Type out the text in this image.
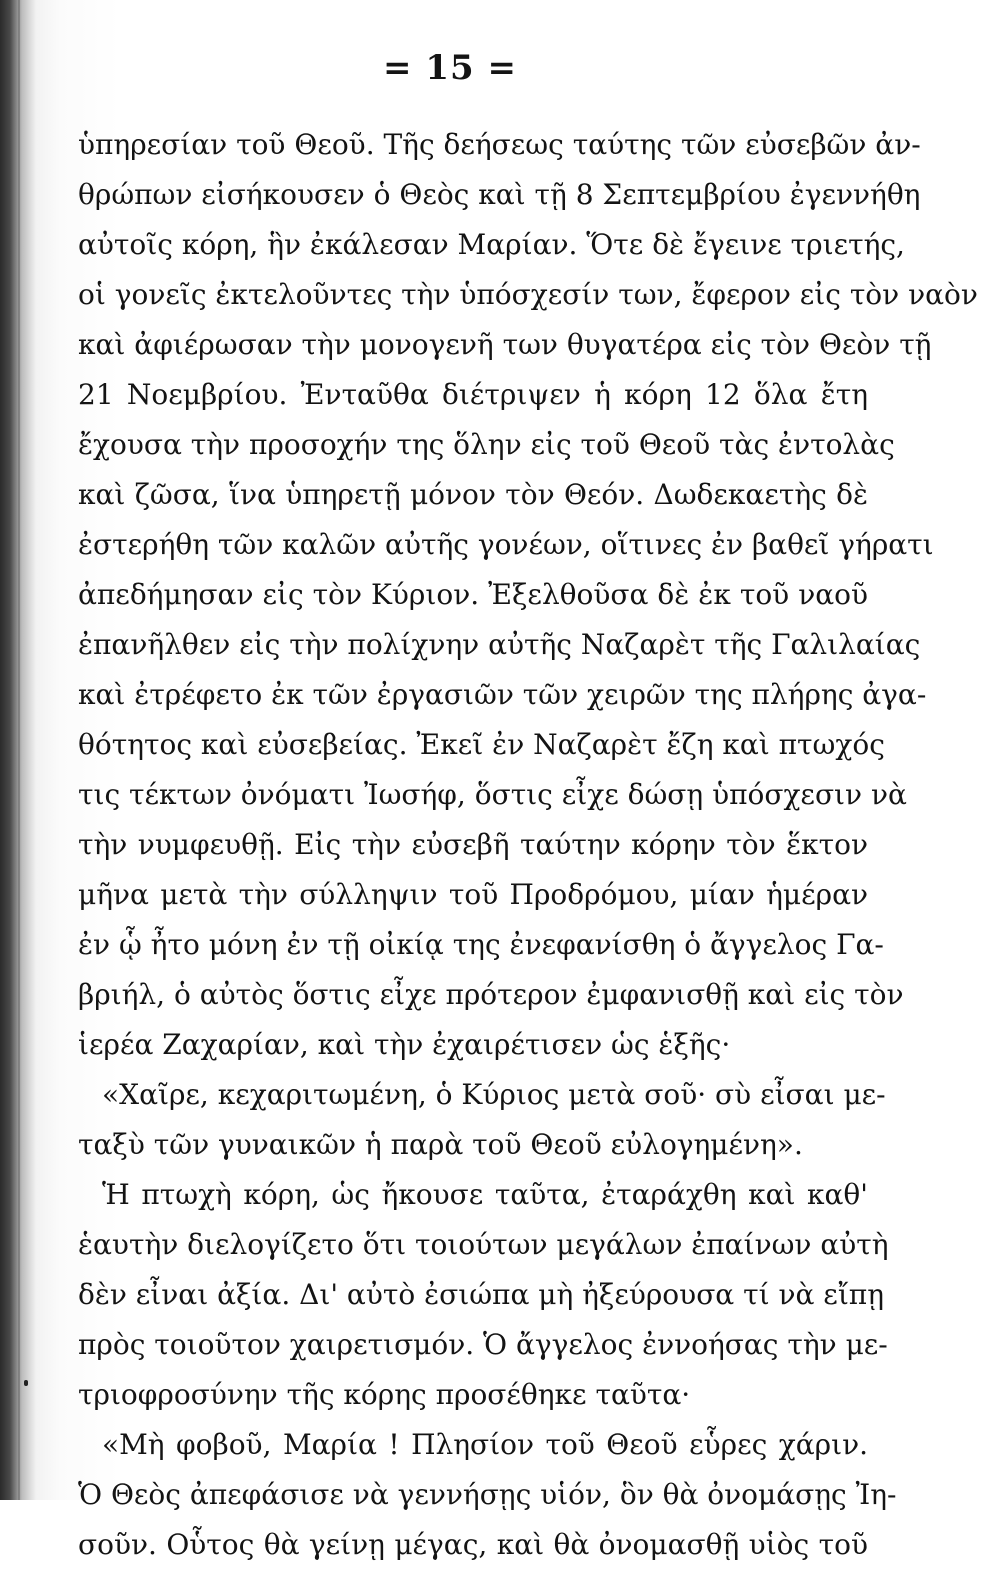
= 15 =
ὑπηρεσίαν τοῦ Θεοῦ. Τῆς δεήσεως ταύτης τῶν εὐσεβῶν ἀν-
θρώπων εἰσήκουσεν ὁ Θεὸς καὶ τῇ 8 Σεπτεμβρίου ἐγεννήθη
αὐτοῖς κόρη, ἣν ἐκάλεσαν Μαρίαν. Ὅτε δὲ ἔγεινε τριετής,
οἱ γονεῖς ἐκτελοῦντες τὴν ὑπόσχεσίν των, ἔφερον εἰς τὸν ναὸν
καὶ ἀφιέρωσαν τὴν μονογενῆ των θυγατέρα εἰς τὸν Θεὸν τῇ
21 Νοεμβρίου. Ἐνταῦθα διέτριψεν ἡ κόρη 12 ὅλα ἔτη
ἔχουσα τὴν προσοχήν της ὅλην εἰς τοῦ Θεοῦ τὰς ἐντολὰς
καὶ ζῶσα, ἵνα ὑπηρετῇ μόνον τὸν Θεόν. Δωδεκαετὴς δὲ
ἐστερήθη τῶν καλῶν αὐτῆς γονέων, οἵτινες ἐν βαθεῖ γήρατι
ἀπεδήμησαν εἰς τὸν Κύριον. Ἐξελθοῦσα δὲ ἐκ τοῦ ναοῦ
ἐπανῆλθεν εἰς τὴν πολίχνην αὐτῆς Ναζαρὲτ τῆς Γαλιλαίας
καὶ ἐτρέφετο ἐκ τῶν ἐργασιῶν τῶν χειρῶν της πλήρης ἀγα-
θότητος καὶ εὐσεβείας. Ἐκεῖ ἐν Ναζαρὲτ ἔζη καὶ πτωχός
τις τέκτων ὀνόματι Ἰωσήφ, ὅστις εἶχε δώσῃ ὑπόσχεσιν νὰ
τὴν νυμφευθῇ. Εἰς τὴν εὐσεβῆ ταύτην κόρην τὸν ἕκτον
μῆνα μετὰ τὴν σύλληψιν τοῦ Προδρόμου, μίαν ἡμέραν
ἐν ᾧ ἦτο μόνη ἐν τῇ οἰκίᾳ της ἐνεφανίσθη ὁ ἄγγελος Γα-
βριήλ, ὁ αὐτὸς ὅστις εἶχε πρότερον ἐμφανισθῇ καὶ εἰς τὸν
ἱερέα Ζαχαρίαν, καὶ τὴν ἐχαιρέτισεν ὡς ἑξῆς·
«Χαῖρε, κεχαριτωμένη, ὁ Κύριος μετὰ σοῦ· σὺ εἶσαι με-
ταξὺ τῶν γυναικῶν ἡ παρὰ τοῦ Θεοῦ εὐλογημένη».
Ἡ πτωχὴ κόρη, ὡς ἤκουσε ταῦτα, ἐταράχθη καὶ καθ'
ἑαυτὴν διελογίζετο ὅτι τοιούτων μεγάλων ἐπαίνων αὐτὴ
δὲν εἶναι ἀξία. Δι' αὐτὸ ἐσιώπα μὴ ἠξεύρουσα τί νὰ εἴπῃ
πρὸς τοιοῦτον χαιρετισμόν. Ὁ ἄγγελος ἐννοήσας τὴν με-
τριοφροσύνην τῆς κόρης προσέθηκε ταῦτα·
«Μὴ φοβοῦ, Μαρία ! Πλησίον τοῦ Θεοῦ εὗρες χάριν.
Ὁ Θεὸς ἀπεφάσισε νὰ γεννήσῃς υἱόν, ὃν θὰ ὀνομάσῃς Ἰη-
σοῦν. Οὗτος θὰ γείνῃ μέγας, καὶ θὰ ὀνομασθῇ υἱὸς τοῦ
